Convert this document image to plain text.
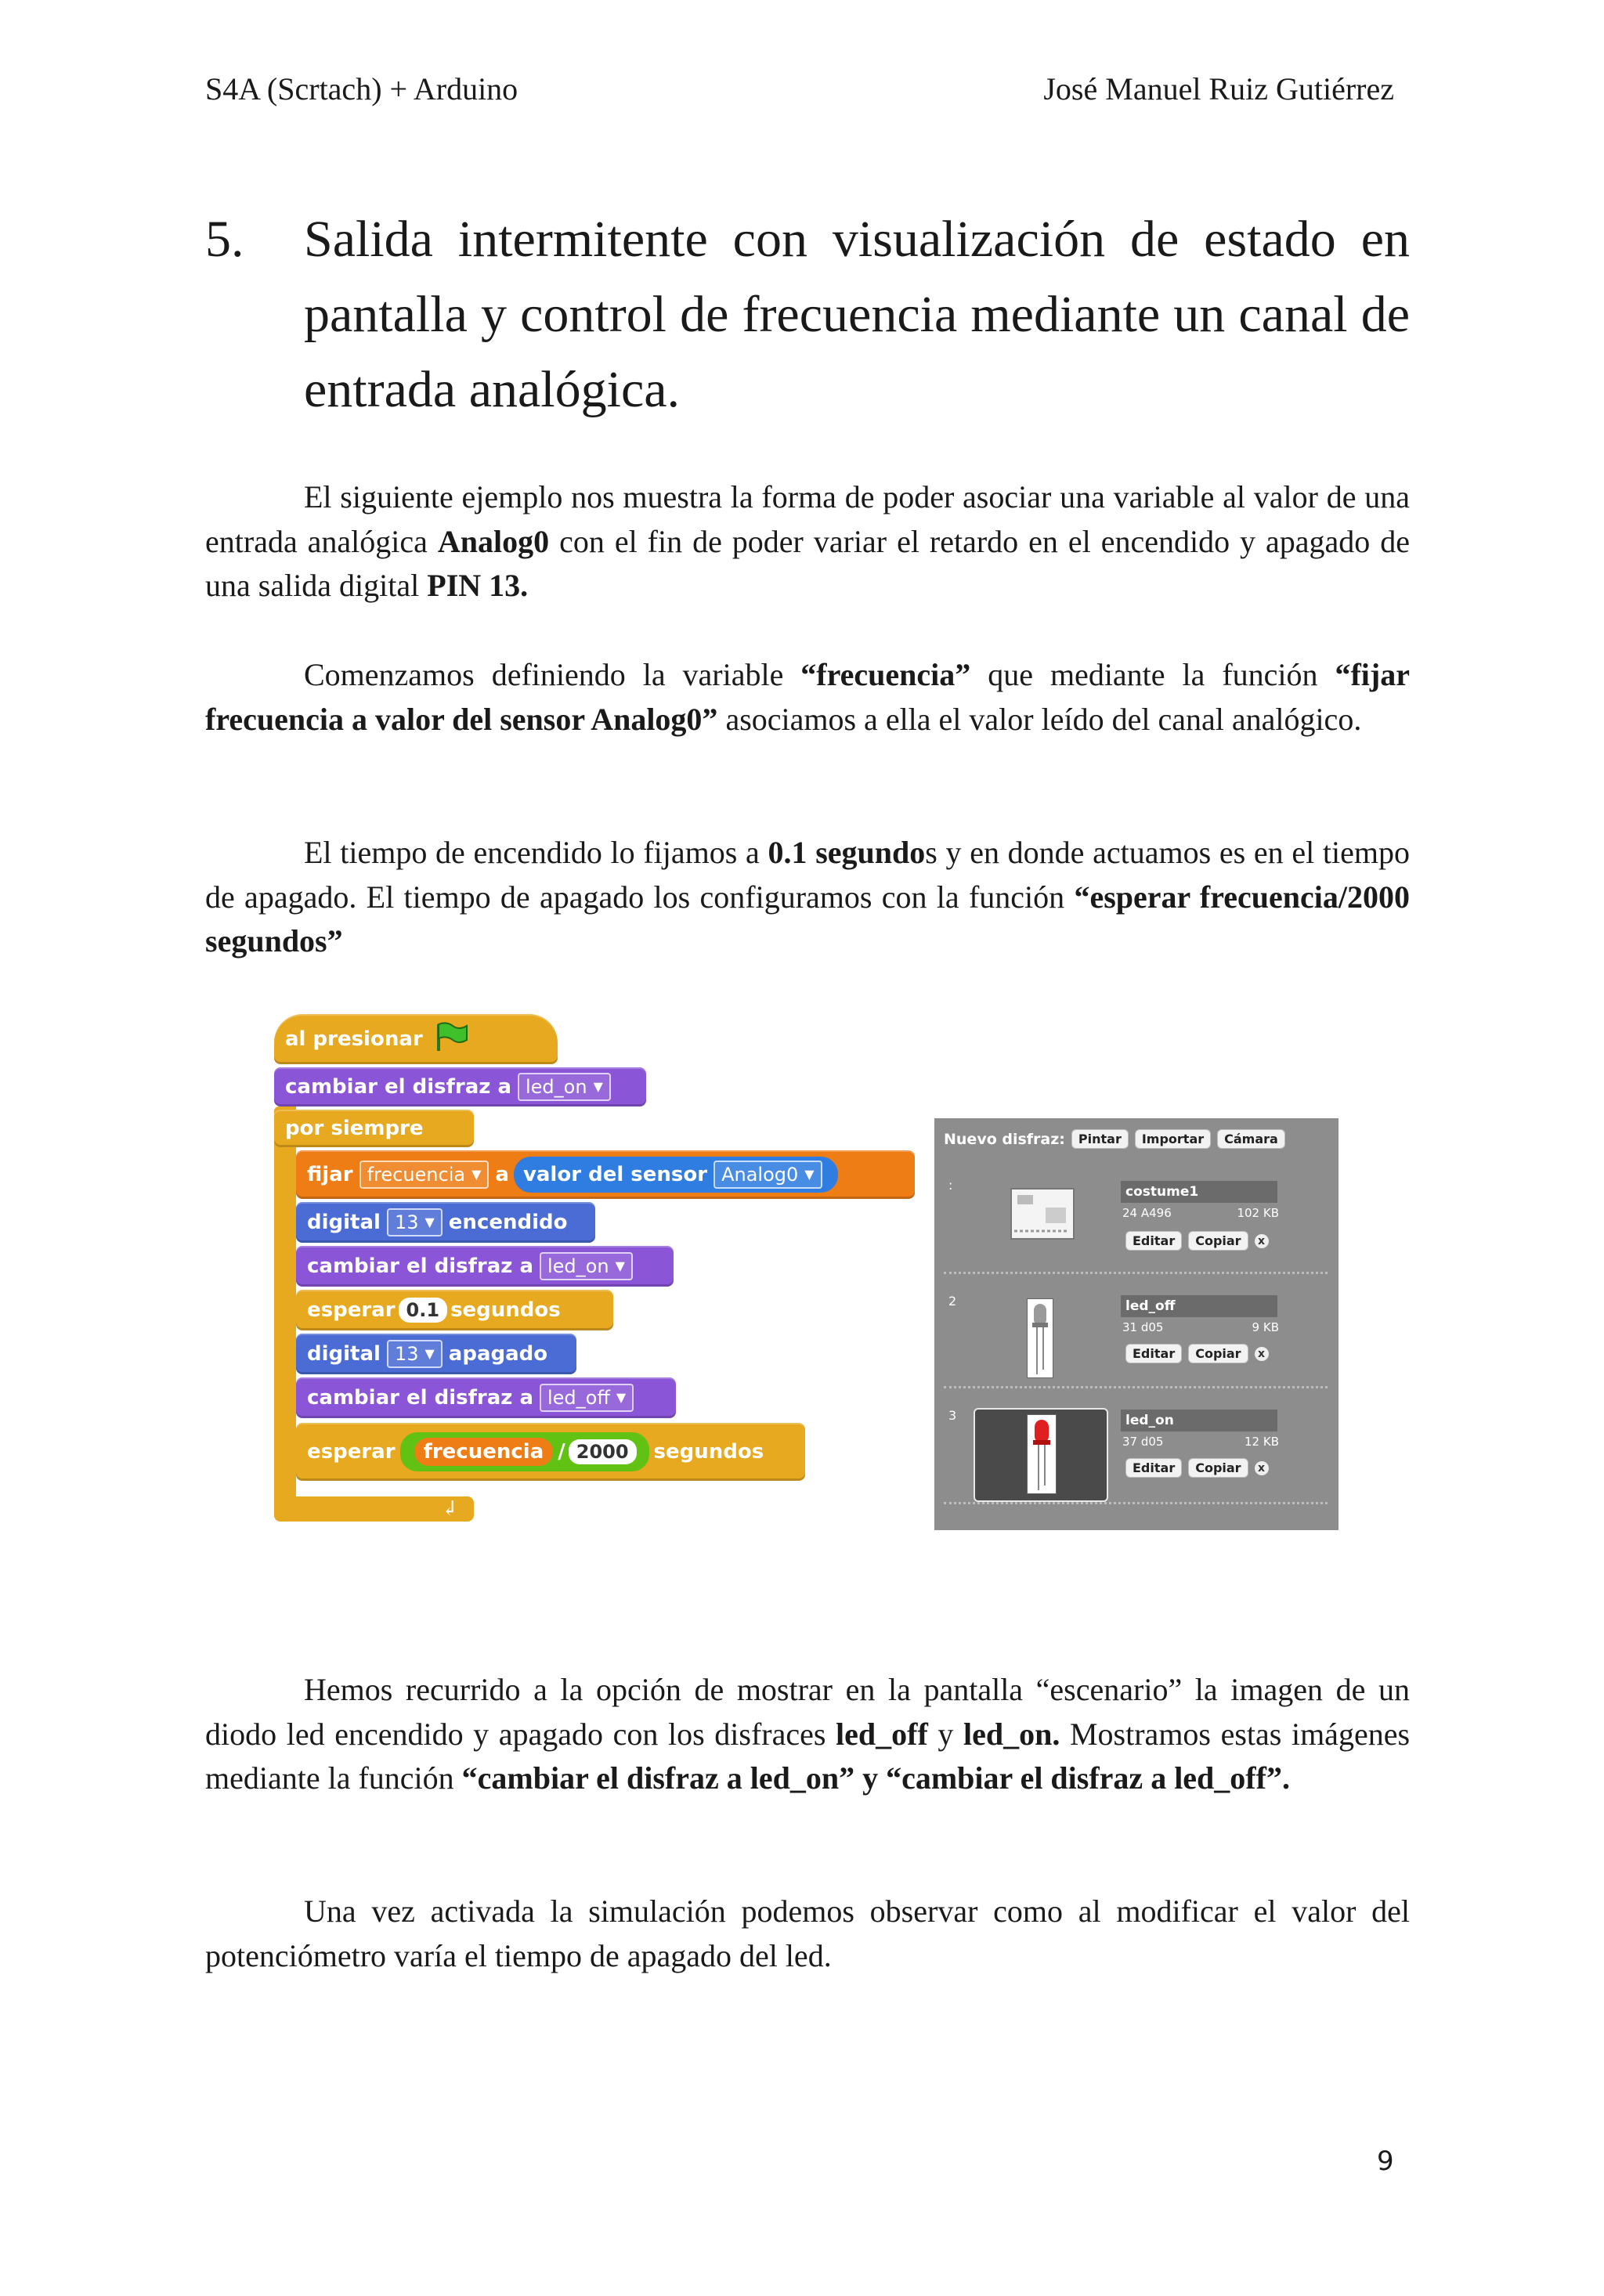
S4A (Scrtach) + Arduino	José Manuel Ruiz Gutiérrez
5. Salida intermitente con visualización de estado en pantalla y control de frecuencia mediante un canal de entrada analógica.

El siguiente ejemplo nos muestra la forma de poder asociar una variable al valor de una entrada analógica Analog0 con el fin de poder variar el retardo en el encendido y apagado de una salida digital PIN 13.

Comenzamos definiendo la variable “frecuencia” que mediante la función “fijar frecuencia a valor del sensor Analog0” asociamos a ella el valor leído del canal analógico.

El tiempo de encendido lo fijamos a 0.1 segundos y en donde actuamos es en el tiempo de apagado. El tiempo de apagado los configuramos con la función “esperar frecuencia/2000 segundos”

↲
al presionar
cambiar el disfraz a led_on ▼
por siempre
fijar frecuencia ▼ a valor del sensor Analog0 ▼
digital 13 ▼ encendido
cambiar el disfraz a led_on ▼
esperar 0.1 segundos
digital 13 ▼ apagado
cambiar el disfraz a led_off ▼
esperar	frecuencia / 2000	segundos
Nuevo disfraz:	Pintar	Importar	Cámara
:	costume1
24 A496	102 KB
Editar	Copiar	x
2	led_off
31 d05	9 KB
Editar	Copiar	x
3	led_on
37 d05	12 KB
Editar	Copiar	x

Hemos recurrido a la opción de mostrar en la pantalla “escenario” la imagen de un diodo led encendido y apagado con los disfraces led_off y led_on. Mostramos estas imágenes mediante la función “cambiar el disfraz a led_on” y “cambiar el disfraz a led_off”.

Una vez activada la simulación podemos observar como al modificar el valor del potenciómetro varía el tiempo de apagado del led.

9
